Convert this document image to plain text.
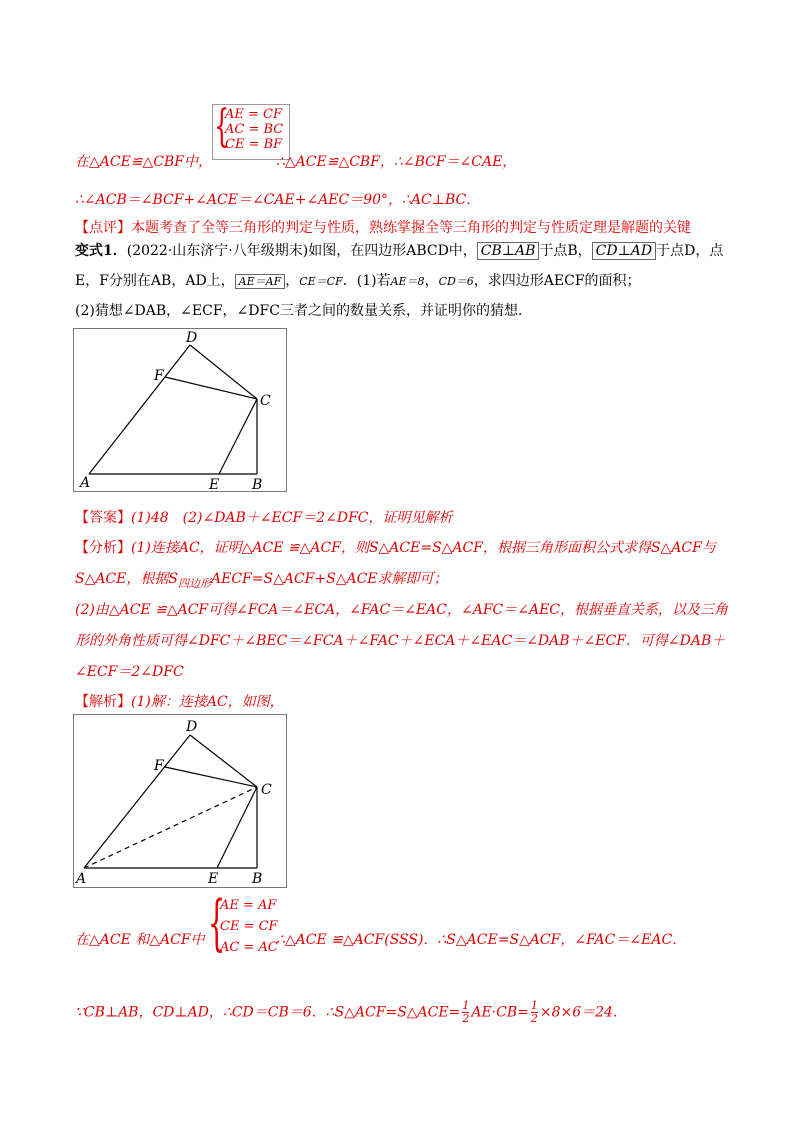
在△ACE≌△CBF中，
{
AE = CF
AC = BC
CE = BF
∴△ACE≌△CBF，∴∠BCF＝∠CAE，
∴∠ACB＝∠BCF+∠ACE＝∠CAE+∠AEC＝90°，∴AC⊥BC．
【点评】本题考查了全等三角形的判定与性质，熟练掌握全等三角形的判定与性质定理是解题的关键
变式1．(2022·山东济宁·八年级期末)如图，在四边形ABCD中， CB⊥AB 于点B， CD⊥AD 于点D，点
E，F分别在AB，AD上， AE＝AF ，CE＝CF．(1)若AE＝8，CD＝6，求四边形AECF的面积；
(2)猜想∠DAB，∠ECF，∠DFC三者之间的数量关系，并证明你的猜想．
D
F
C
A	E B
【答案】(1)48　(2)∠DAB＋∠ECF＝2∠DFC，证明见解析
【分析】(1)连接AC，证明△ACE ≌△ACF，则S△ACE=S△ACF，根据三角形面积公式求得S△ACF与
S△ACE，根据$S_{四边形}AECF=S\triangle ACF+S\triangle ACE$求解即可；
(2)由△ACE ≌△ACF可得∠FCA＝∠ECA，∠FAC＝∠EAC，∠AFC＝∠AEC，根据垂直关系，以及三角
形的外角性质可得∠DFC＋∠BEC＝∠FCA＋∠FAC＋∠ECA＋∠EAC＝∠DAB＋∠ECF．可得∠DAB＋
∠ECF＝2∠DFC
【解析】(1)解：连接AC，如图，
D
F
C
A	E B
在△ACE 和△ACF中 {
AE = AF
CE = CF
AC = AC
∴△ACE ≌△ACF(SSS)．∴S△ACE=S△ACF，∠FAC＝∠EAC．
∵CB⊥AB，CD⊥AD，∴CD＝CB＝6．∴S△ACF=S△ACE= $\frac{1}{2} AE\cdot CB= \frac{1}{2} \times 8\times 6=24$．
